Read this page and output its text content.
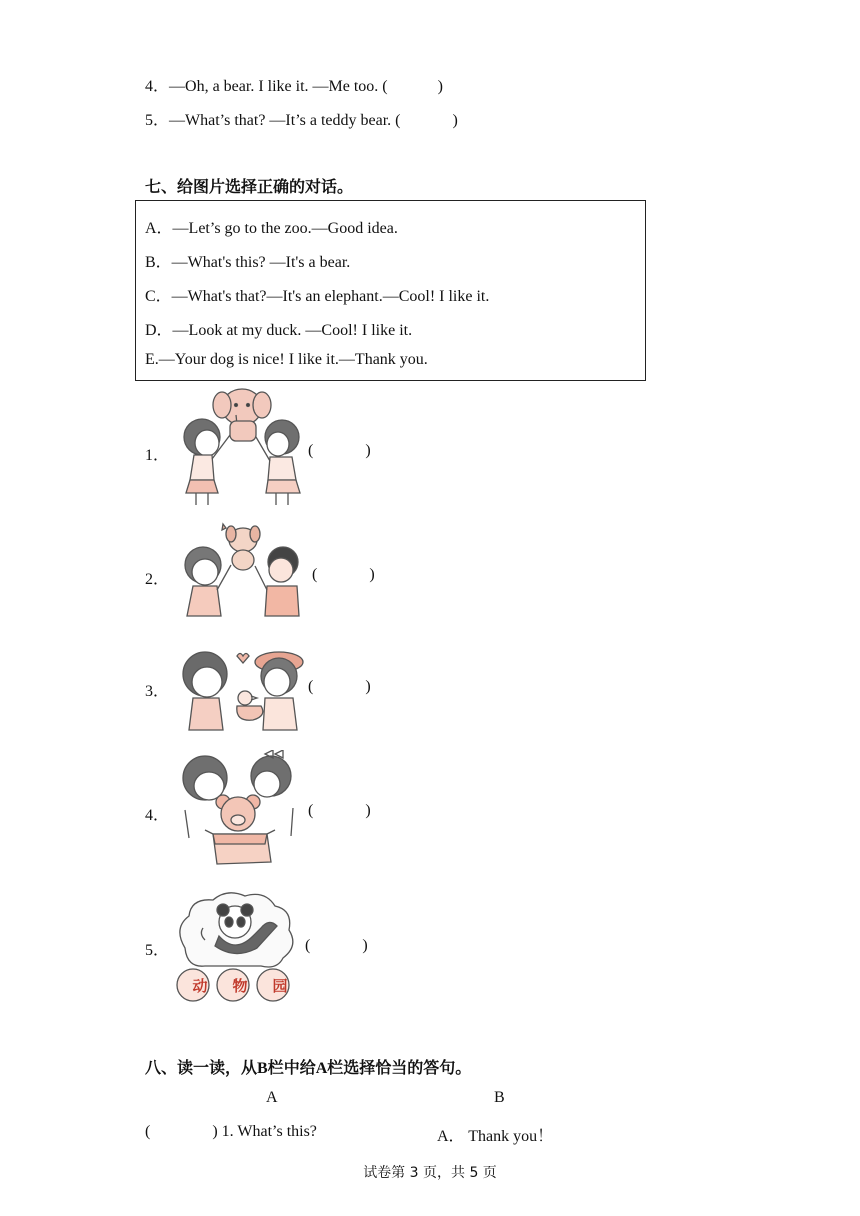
4．—Oh, a bear. I like it. —Me too. (	)
5．—What’s that? —It’s a teddy bear. (	)
七、给图片选择正确的对话。
A．—Let’s go to the zoo.—Good idea.
B．—What's this? —It's a bear.
C．—What's that?—It's an elephant.—Cool! I like it.
D．—Look at my duck. —Cool! I like it.
E.—Your dog is nice! I like it.—Thank you.
1．	(	)
2．	(	)
3．	(	)
4．	(	)
5．
动	物	园
(	)
八、读一读，从B栏中给A栏选择恰当的答句。
A	B
(	) 1. What’s this?	A． Thank you！
试卷第 3 页，共 5 页
